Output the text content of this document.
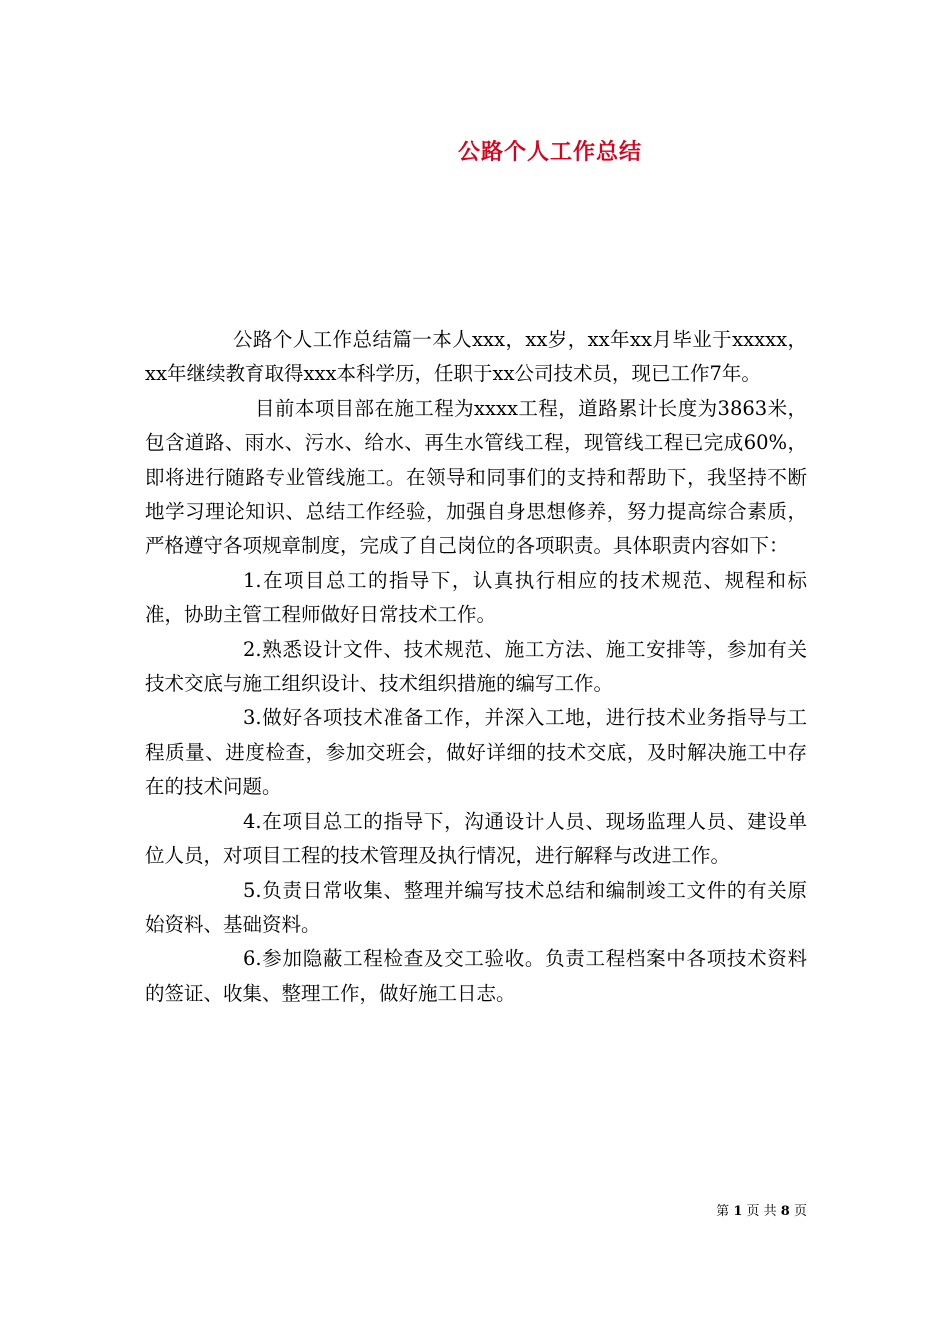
公路个人工作总结

公路个人工作总结篇一本人xxx，xx岁，xx年xx月毕业于xxxxx，xx年继续教育取得xxx本科学历，任职于xx公司技术员，现已工作7年。

目前本项目部在施工程为xxxx工程，道路累计长度为3863米，包含道路、雨水、污水、给水、再生水管线工程，现管线工程已完成60%，即将进行随路专业管线施工。在领导和同事们的支持和帮助下，我坚持不断地学习理论知识、总结工作经验，加强自身思想修养，努力提高综合素质，严格遵守各项规章制度，完成了自己岗位的各项职责。具体职责内容如下：

1.在项目总工的指导下，认真执行相应的技术规范、规程和标准，协助主管工程师做好日常技术工作。

2.熟悉设计文件、技术规范、施工方法、施工安排等，参加有关技术交底与施工组织设计、技术组织措施的编写工作。

3.做好各项技术准备工作，并深入工地，进行技术业务指导与工程质量、进度检查，参加交班会，做好详细的技术交底，及时解决施工中存在的技术问题。

4.在项目总工的指导下，沟通设计人员、现场监理人员、建设单位人员，对项目工程的技术管理及执行情况，进行解释与改进工作。

5.负责日常收集、整理并编写技术总结和编制竣工文件的有关原始资料、基础资料。

6.参加隐蔽工程检查及交工验收。负责工程档案中各项技术资料的签证、收集、整理工作，做好施工日志。

第 1 页 共 8 页
